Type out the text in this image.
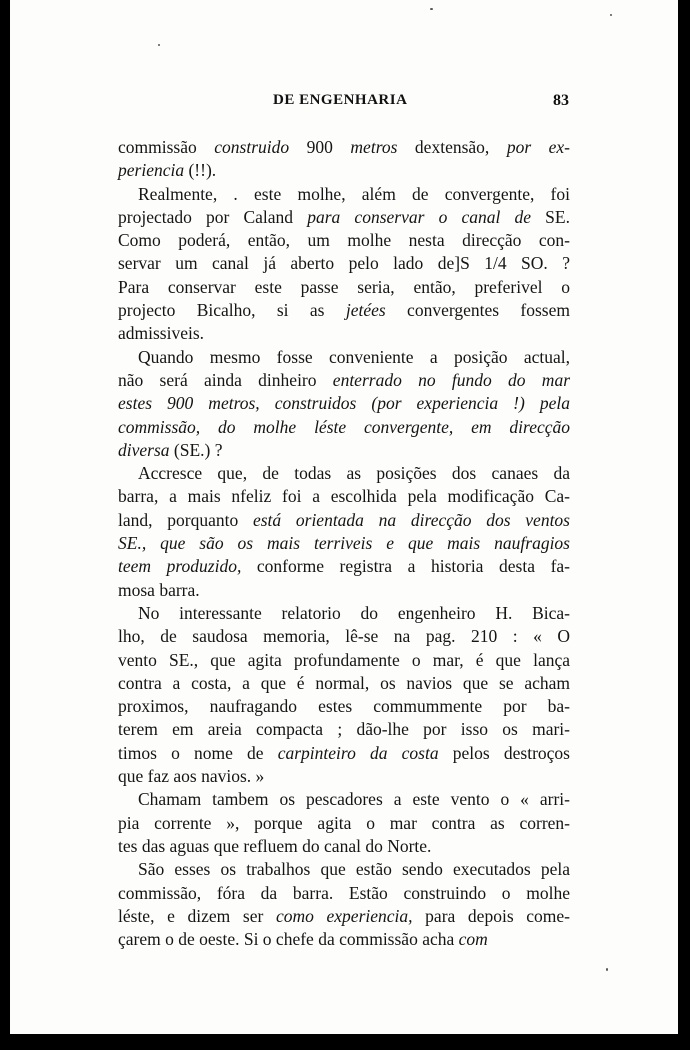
DE ENGENHARIA	83
commissão construido 900 metros dextensão, por ex-
periencia (!!).
Realmente, . este molhe, além de convergente, foi
projectado por Caland para conservar o canal de SE.
Como poderá, então, um molhe nesta direcção con-
servar um canal já aberto pelo lado de]S 1/4 SO. ?
Para conservar este passe seria, então, preferivel o
projecto Bicalho, si as jetées convergentes fossem
admissiveis.
Quando mesmo fosse conveniente a posição actual,
não será ainda dinheiro enterrado no fundo do mar
estes 900 metros, construidos (por experiencia !) pela
commissão, do molhe léste convergente, em direcção
diversa (SE.) ?
Accresce que, de todas as posições dos canaes da
barra, a mais nfeliz foi a escolhida pela modificação Ca-
land, porquanto está orientada na direcção dos ventos
SE., que são os mais terriveis e que mais naufragios
teem produzido, conforme registra a historia desta fa-
mosa barra.
No interessante relatorio do engenheiro H. Bica-
lho, de saudosa memoria, lê-se na pag. 210 : « O
vento SE., que agita profundamente o mar, é que lança
contra a costa, a que é normal, os navios que se acham
proximos, naufragando estes commummente por ba-
terem em areia compacta ; dão-lhe por isso os mari-
timos o nome de carpinteiro da costa pelos destroços
que faz aos navios. »
Chamam tambem os pescadores a este vento o « arri-
pia corrente », porque agita o mar contra as corren-
tes das aguas que refluem do canal do Norte.
São esses os trabalhos que estão sendo executados pela
commissão, fóra da barra. Estão construindo o molhe
léste, e dizem ser como experiencia, para depois come-
çarem o de oeste. Si o chefe da commissão acha com
